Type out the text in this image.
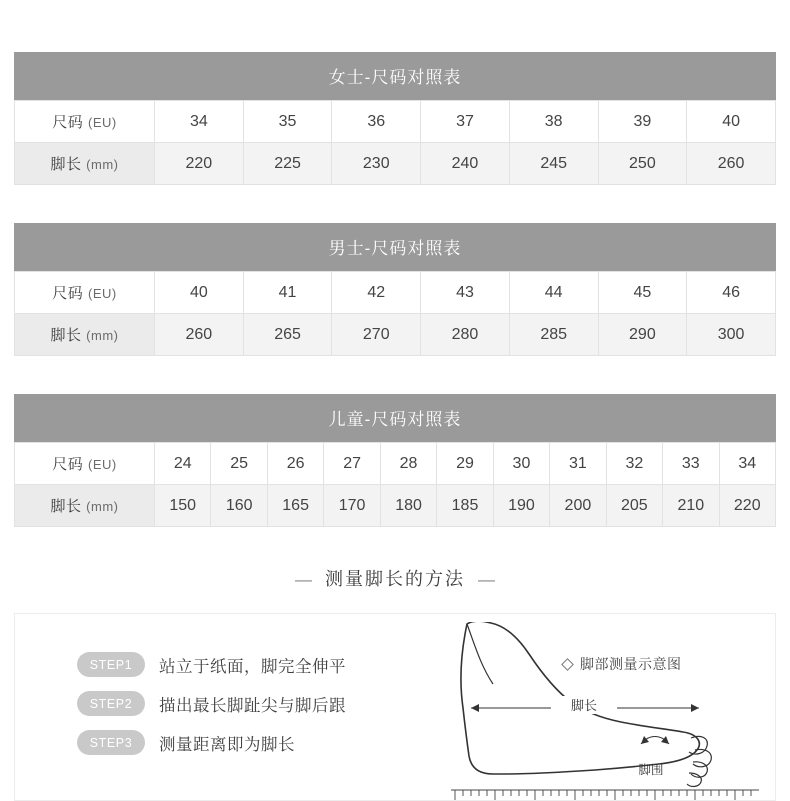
女士-尺码对照表
尺码 (EU)	34	35	36	37	38	39	40
脚长 (mm)	220	225	230	240	245	250	260
男士-尺码对照表
尺码 (EU)	40	41	42	43	44	45	46
脚长 (mm)	260	265	270	280	285	290	300
儿童-尺码对照表
尺码 (EU)	24	25	26	27	28	29	30	31	32	33	34
脚长 (mm)	150	160	165	170	180	185	190	200	205	210	220
— 测量脚长的方法 —
STEP1	站立于纸面，脚完全伸平
STEP2	描出最长脚趾尖与脚后跟
STEP3	测量距离即为脚长
脚部测量示意图
脚长
脚围
